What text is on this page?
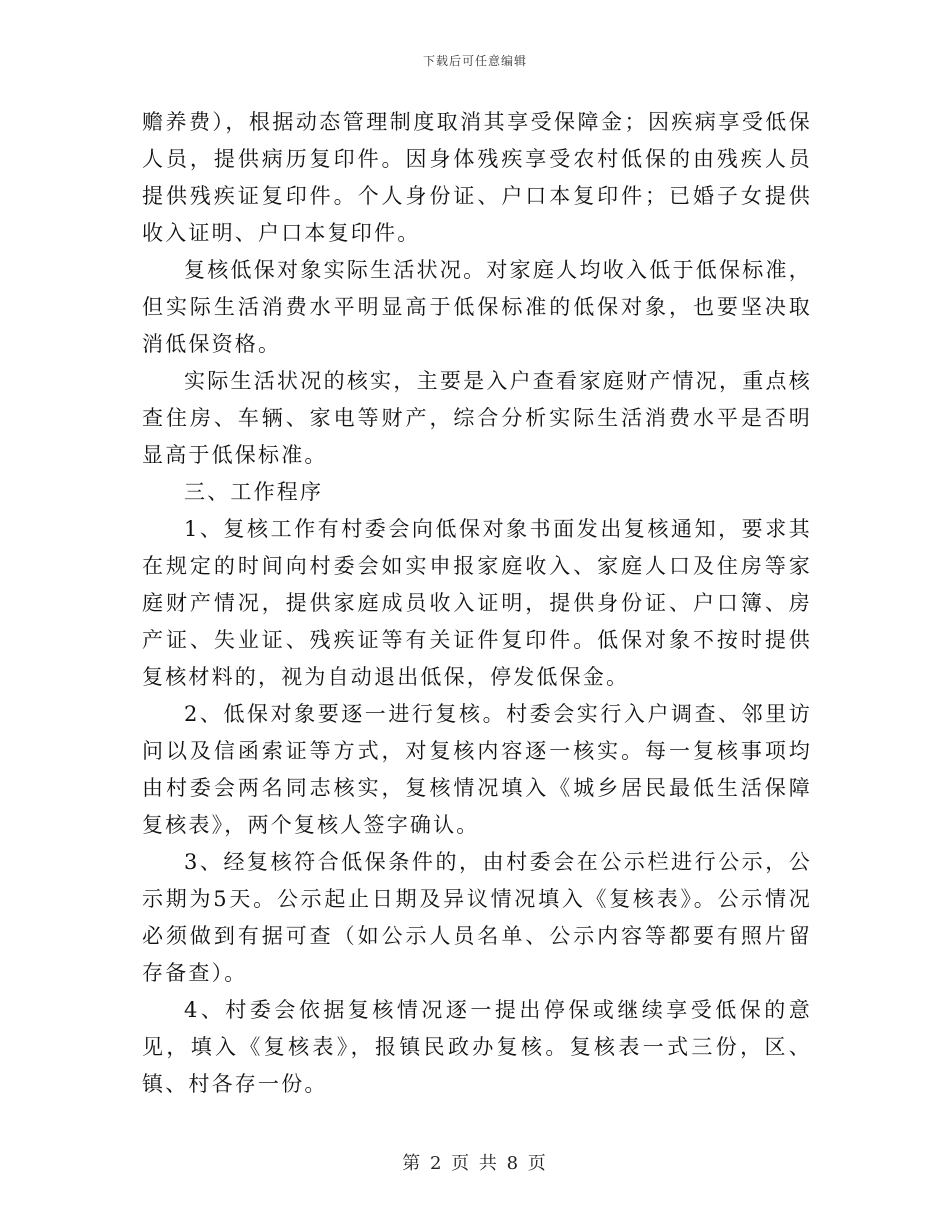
下载后可任意编辑

赡养费），根据动态管理制度取消其享受保障金；因疾病享受低保人员，提供病历复印件。因身体残疾享受农村低保的由残疾人员提供残疾证复印件。个人身份证、户口本复印件；已婚子女提供收入证明、户口本复印件。

复核低保对象实际生活状况。对家庭人均收入低于低保标准，但实际生活消费水平明显高于低保标准的低保对象，也要坚决取消低保资格。

实际生活状况的核实，主要是入户查看家庭财产情况，重点核查住房、车辆、家电等财产，综合分析实际生活消费水平是否明显高于低保标准。

三、工作程序

1、复核工作有村委会向低保对象书面发出复核通知，要求其在规定的时间向村委会如实申报家庭收入、家庭人口及住房等家庭财产情况，提供家庭成员收入证明，提供身份证、户口簿、房产证、失业证、残疾证等有关证件复印件。低保对象不按时提供复核材料的，视为自动退出低保，停发低保金。

2、低保对象要逐一进行复核。村委会实行入户调查、邻里访问以及信函索证等方式，对复核内容逐一核实。每一复核事项均由村委会两名同志核实，复核情况填入《城乡居民最低生活保障复核表》，两个复核人签字确认。

3、经复核符合低保条件的，由村委会在公示栏进行公示，公示期为5天。公示起止日期及异议情况填入《复核表》。公示情况必须做到有据可查（如公示人员名单、公示内容等都要有照片留存备查）。

4、村委会依据复核情况逐一提出停保或继续享受低保的意见，填入《复核表》，报镇民政办复核。复核表一式三份，区、镇、村各存一份。

第 2 页 共 8 页
